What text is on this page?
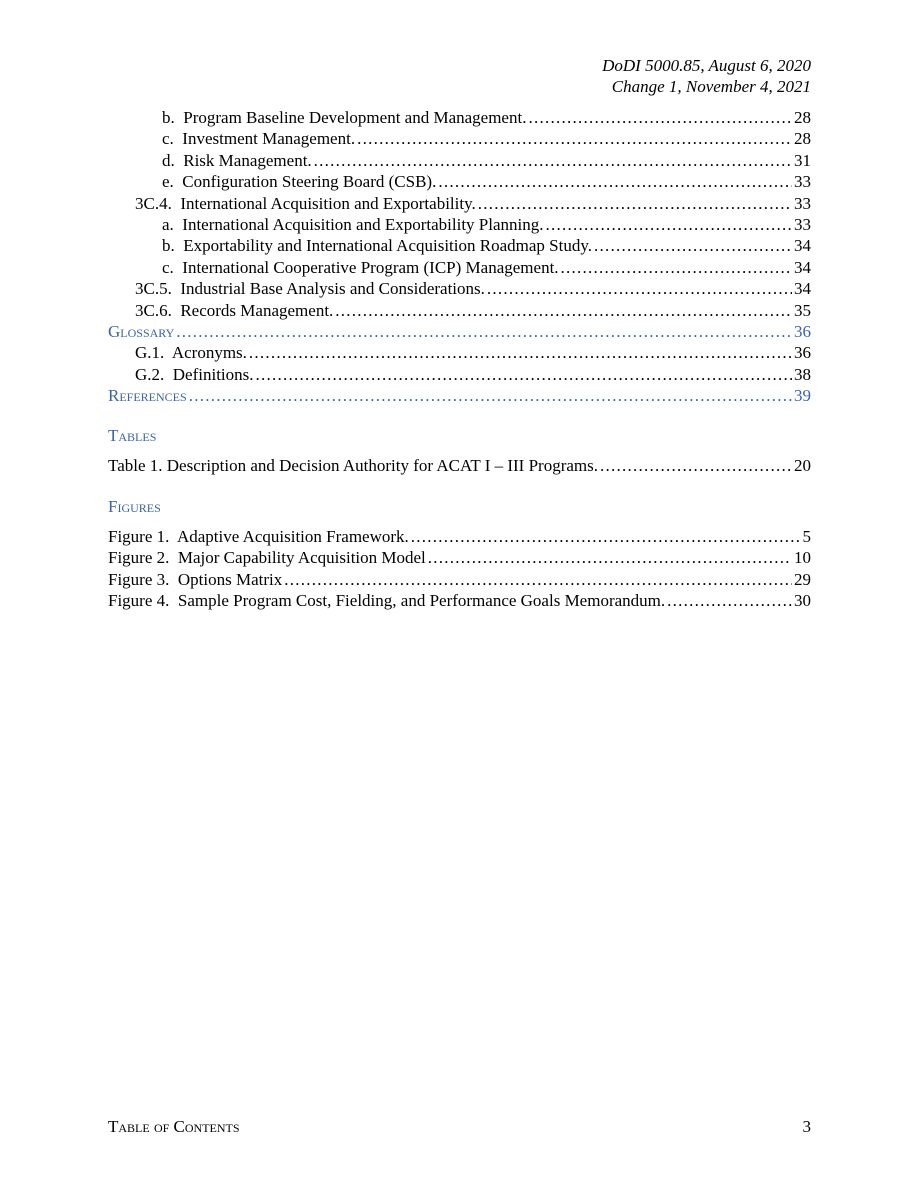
DoDI 5000.85, August 6, 2020
Change 1, November 4, 2021
b.  Program Baseline Development and Management. . . .	28
c.  Investment Management. . . .	28
d.  Risk Management. . . .	31
e.  Configuration Steering Board (CSB). . . .	33
3C.4.  International Acquisition and Exportability. . . .	33
a.  International Acquisition and Exportability Planning. . . .	33
b.  Exportability and International Acquisition Roadmap Study. . . .	34
c.  International Cooperative Program (ICP) Management. . . .	34
3C.5.  Industrial Base Analysis and Considerations. . . .	34
3C.6.  Records Management. . . .	35
Glossary . . .	36
G.1.  Acronyms. . . .	36
G.2.  Definitions. . . .	38
References . . .	39
Tables
Table 1. Description and Decision Authority for ACAT I – III Programs. . . .	20
Figures
Figure 1.  Adaptive Acquisition Framework. . . .	5
Figure 2.  Major Capability Acquisition Model . . .	10
Figure 3.  Options Matrix . . .	29
Figure 4.  Sample Program Cost, Fielding, and Performance Goals Memorandum. . . .	30
Table of Contents	3
